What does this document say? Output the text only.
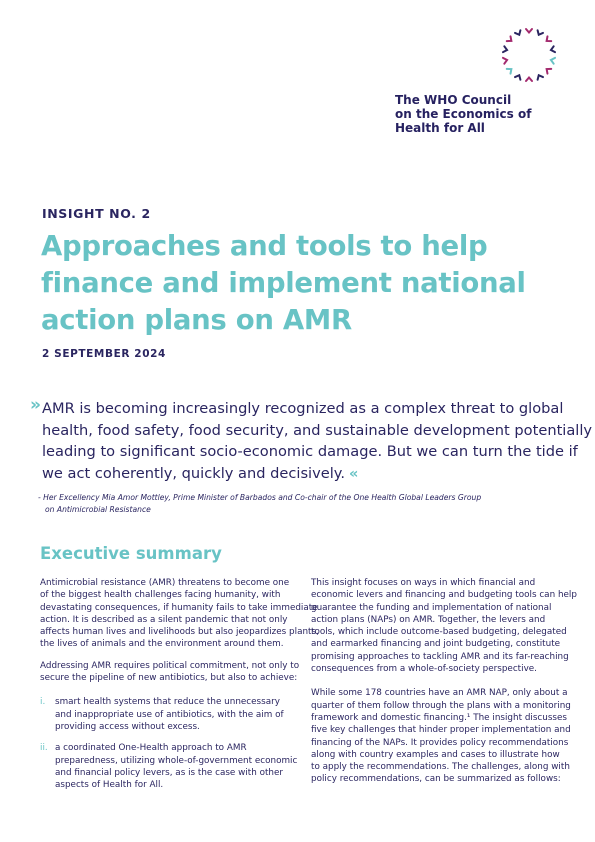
The WHO Council
on the Economics of
Health for All
INSIGHT NO. 2
Approaches and tools to help
finance and implement national
action plans on AMR
2 SEPTEMBER 2024
» AMR is becoming increasingly recognized as a complex threat to global
health, food safety, food security, and sustainable development potentially
leading to significant socio-economic damage. But we can turn the tide if
we act coherently, quickly and decisively. «
- Her Excellency Mia Amor Mottley, Prime Minister of Barbados and Co-chair of the One Health Global Leaders Group
on Antimicrobial Resistance
Executive summary
Antimicrobial resistance (AMR) threatens to become one
of the biggest health challenges facing humanity, with
devastating consequences, if humanity fails to take immediate
action. It is described as a silent pandemic that not only
affects human lives and livelihoods but also jeopardizes plants,
the lives of animals and the environment around them.
Addressing AMR requires political commitment, not only to
secure the pipeline of new antibiotics, but also to achieve:
i. smart health systems that reduce the unnecessary
and inappropriate use of antibiotics, with the aim of
providing access without excess.
ii. a coordinated One-Health approach to AMR
preparedness, utilizing whole-of-government economic
and financial policy levers, as is the case with other
aspects of Health for All.
This insight focuses on ways in which financial and
economic levers and financing and budgeting tools can help
guarantee the funding and implementation of national
action plans (NAPs) on AMR. Together, the levers and
tools, which include outcome-based budgeting, delegated
and earmarked financing and joint budgeting, constitute
promising approaches to tackling AMR and its far-reaching
consequences from a whole-of-society perspective.
While some 178 countries have an AMR NAP, only about a
quarter of them follow through the plans with a monitoring
framework and domestic financing.¹ The insight discusses
five key challenges that hinder proper implementation and
financing of the NAPs. It provides policy recommendations
along with country examples and cases to illustrate how
to apply the recommendations. The challenges, along with
policy recommendations, can be summarized as follows:
